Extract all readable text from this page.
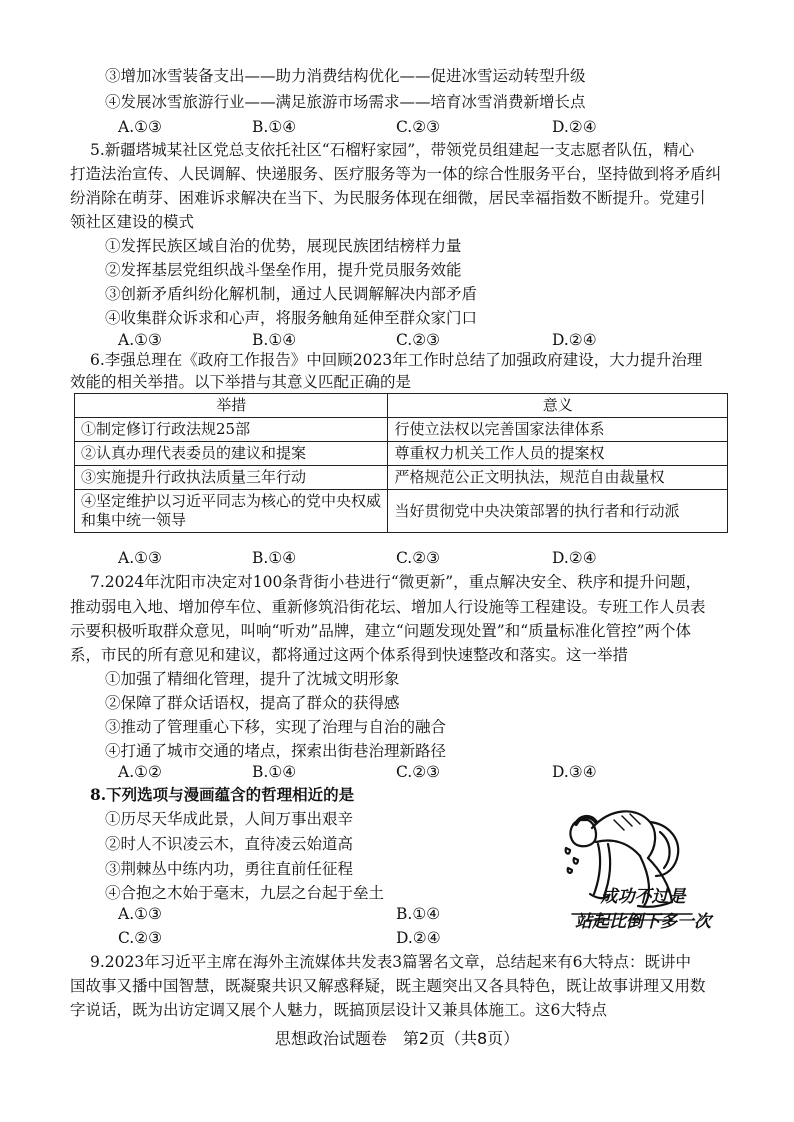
③增加冰雪装备支出——助力消费结构优化——促进冰雪运动转型升级
④发展冰雪旅游行业——满足旅游市场需求——培育冰雪消费新增长点
A.①③	B.①④	C.②③	D.②④
5.新疆塔城某社区党总支依托社区“石榴籽家园”，带领党员组建起一支志愿者队伍，精心
打造法治宣传、人民调解、快递服务、医疗服务等为一体的综合性服务平台，坚持做到将矛盾纠
纷消除在萌芽、困难诉求解决在当下、为民服务体现在细微，居民幸福指数不断提升。党建引
领社区建设的模式
①发挥民族区域自治的优势，展现民族团结榜样力量
②发挥基层党组织战斗堡垒作用，提升党员服务效能
③创新矛盾纠纷化解机制，通过人民调解解决内部矛盾
④收集群众诉求和心声，将服务触角延伸至群众家门口
A.①③	B.①④	C.②③	D.②④
6.李强总理在《政府工作报告》中回顾2023年工作时总结了加强政府建设，大力提升治理
效能的相关举措。以下举措与其意义匹配正确的是
举措	意义
①制定修订行政法规25部	行使立法权以完善国家法律体系
②认真办理代表委员的建议和提案	尊重权力机关工作人员的提案权
③实施提升行政执法质量三年行动	严格规范公正文明执法，规范自由裁量权
④坚定维护以习近平同志为核心的党中央权威和集中统一领导	当好贯彻党中央决策部署的执行者和行动派
A.①③	B.①④	C.②③	D.②④
7.2024年沈阳市决定对100条背街小巷进行“微更新”，重点解决安全、秩序和提升问题，
推动弱电入地、增加停车位、重新修筑沿街花坛、增加人行设施等工程建设。专班工作人员表
示要积极听取群众意见，叫响“听劝”品牌，建立“问题发现处置”和“质量标准化管控”两个体
系，市民的所有意见和建议，都将通过这两个体系得到快速整改和落实。这一举措
①加强了精细化管理，提升了沈城文明形象
②保障了群众话语权，提高了群众的获得感
③推动了管理重心下移，实现了治理与自治的融合
④打通了城市交通的堵点，探索出街巷治理新路径
A.①②	B.①④	C.②③	D.③④
8.下列选项与漫画蕴含的哲理相近的是
①历尽天华成此景，人间万事出艰辛
②时人不识凌云木，直待凌云始道高
③荆棘丛中练内功，勇往直前任征程
④合抱之木始于毫末，九层之台起于垒土
A.①③	B.①④
C.②③	D.②④
成功不过是
站起比倒下多一次
9.2023年习近平主席在海外主流媒体共发表3篇署名文章，总结起来有6大特点：既讲中
国故事又播中国智慧，既凝聚共识又解惑释疑，既主题突出又各具特色，既让故事讲理又用数
字说话，既为出访定调又展个人魅力，既搞顶层设计又兼具体施工。这6大特点
思想政治试题卷　第2页（共8页）
